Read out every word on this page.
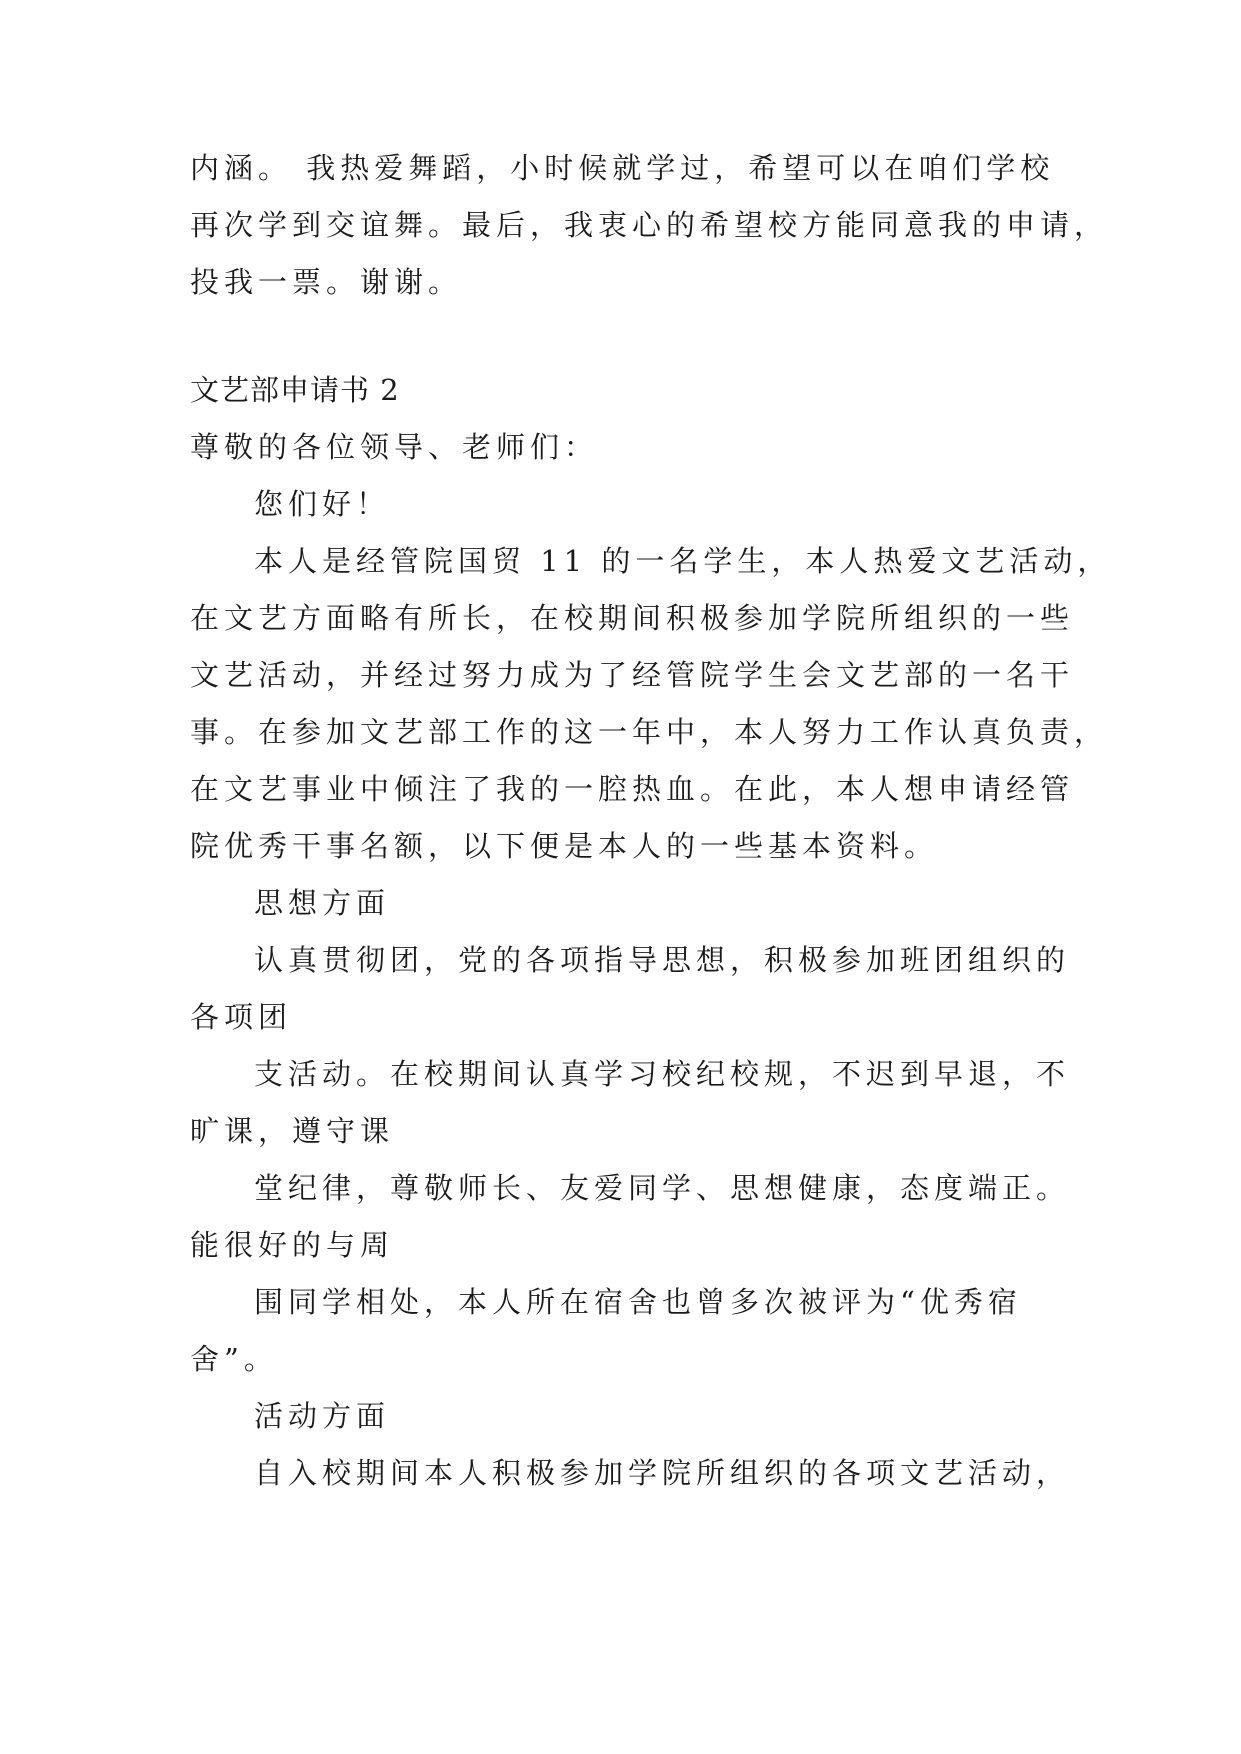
内涵。 我热爱舞蹈，小时候就学过，希望可以在咱们学校
再次学到交谊舞。最后，我衷心的希望校方能同意我的申请，
投我一票。谢谢。
文艺部申请书 2
尊敬的各位领导、老师们：
您们好！
本人是经管院国贸 11 的一名学生，本人热爱文艺活动，
在文艺方面略有所长，在校期间积极参加学院所组织的一些
文艺活动，并经过努力成为了经管院学生会文艺部的一名干
事。在参加文艺部工作的这一年中，本人努力工作认真负责，
在文艺事业中倾注了我的一腔热血。在此，本人想申请经管
院优秀干事名额，以下便是本人的一些基本资料。
思想方面
认真贯彻团，党的各项指导思想，积极参加班团组织的
各项团
支活动。在校期间认真学习校纪校规，不迟到早退，不
旷课，遵守课
堂纪律，尊敬师长、友爱同学、思想健康，态度端正。
能很好的与周
围同学相处，本人所在宿舍也曾多次被评为“优秀宿
舍”。
活动方面
自入校期间本人积极参加学院所组织的各项文艺活动，
